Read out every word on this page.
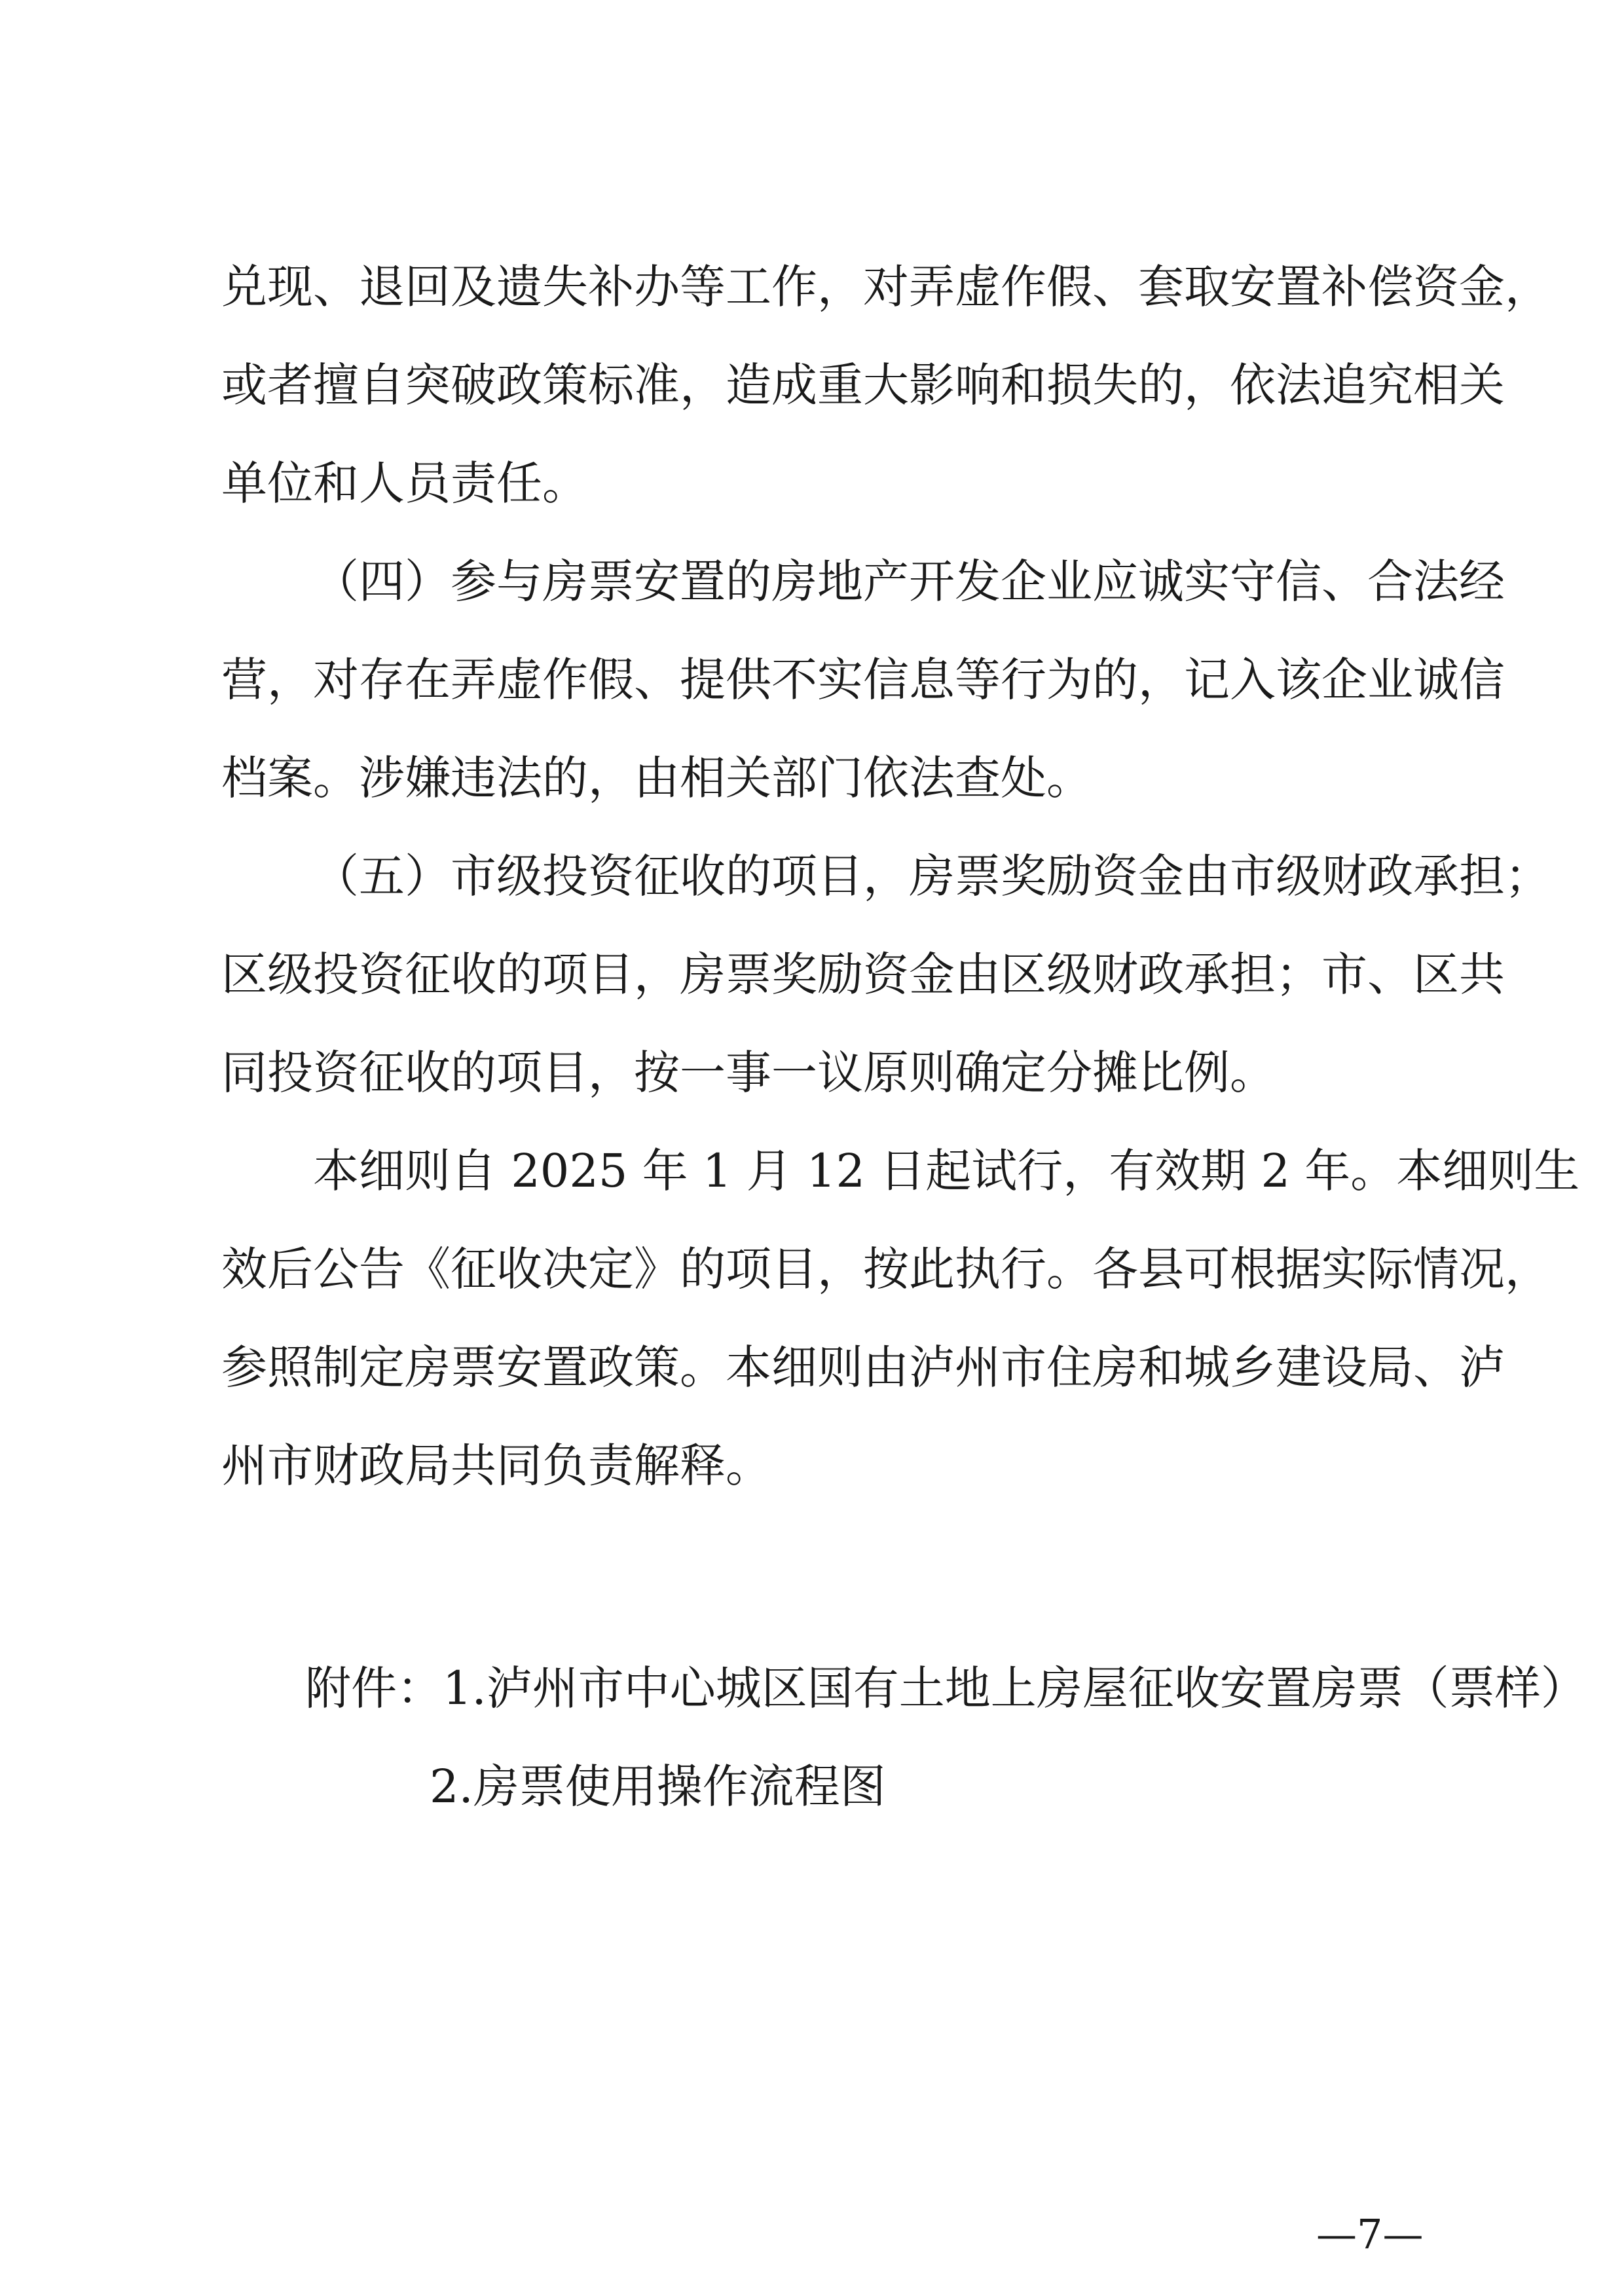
兑现、退回及遗失补办等工作，对弄虚作假、套取安置补偿资金，
或者擅自突破政策标准，造成重大影响和损失的，依法追究相关
单位和人员责任。
（四）参与房票安置的房地产开发企业应诚实守信、合法经
营，对存在弄虚作假、提供不实信息等行为的，记入该企业诚信
档案。涉嫌违法的，由相关部门依法查处。
（五）市级投资征收的项目，房票奖励资金由市级财政承担；
区级投资征收的项目，房票奖励资金由区级财政承担；市、区共
同投资征收的项目，按一事一议原则确定分摊比例。
本细则自 2025 年 1 月 12 日起试行，有效期 2 年。本细则生
效后公告《征收决定》的项目，按此执行。各县可根据实际情况，
参照制定房票安置政策。本细则由泸州市住房和城乡建设局、泸
州市财政局共同负责解释。
附件：1.泸州市中心城区国有土地上房屋征收安置房票（票样）
2.房票使用操作流程图
—7—
